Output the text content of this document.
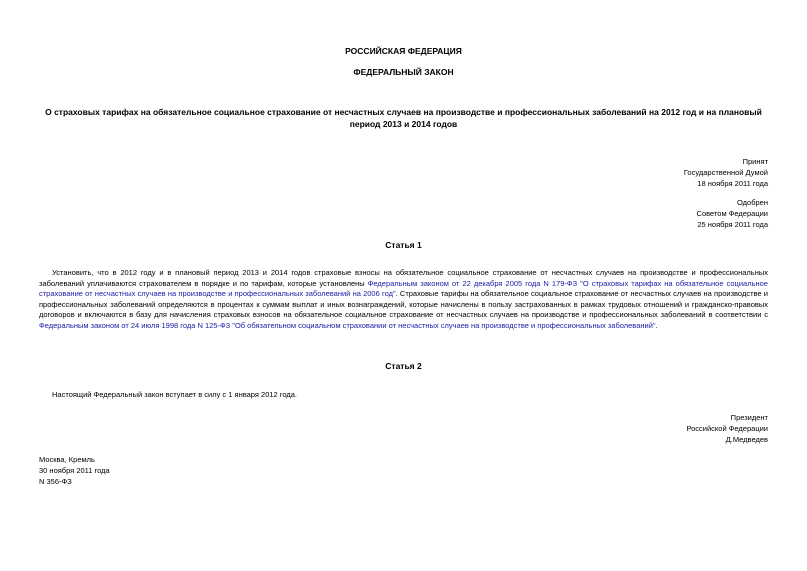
РОССИЙСКАЯ ФЕДЕРАЦИЯ
ФЕДЕРАЛЬНЫЙ ЗАКОН
О страховых тарифах на обязательное социальное страхование от несчастных случаев на производстве и профессиональных заболеваний на 2012 год и на плановый период 2013 и 2014 годов
Принят
Государственной Думой
18 ноября 2011 года
Одобрен
Советом Федерации
25 ноября 2011 года
Статья 1
Установить, что в 2012 году и в плановый период 2013 и 2014 годов страховые взносы на обязательное социальное страхование от несчастных случаев на производстве и профессиональных заболеваний уплачиваются страхователем в порядке и по тарифам, которые установлены Федеральным законом от 22 декабря 2005 года N 179-ФЗ "О страховых тарифах на обязательное социальное страхование от несчастных случаев на производстве и профессиональных заболеваний на 2006 год". Страховые тарифы на обязательное социальное страхование от несчастных случаев на производстве и профессиональных заболеваний определяются в процентах к суммам выплат и иных вознаграждений, которые начислены в пользу застрахованных в рамках трудовых отношений и гражданско-правовых договоров и включаются в базу для начисления страховых взносов на обязательное социальное страхование от несчастных случаев на производстве и профессиональных заболеваний в соответствии с Федеральным законом от 24 июля 1998 года N 125-ФЗ "Об обязательном социальном страховании от несчастных случаев на производстве и профессиональных заболеваний".
Статья 2
Настоящий Федеральный закон вступает в силу с 1 января 2012 года.
Президент
Российской Федерации
Д.Медведев
Москва, Кремль
30 ноября 2011 года
N 356-ФЗ
